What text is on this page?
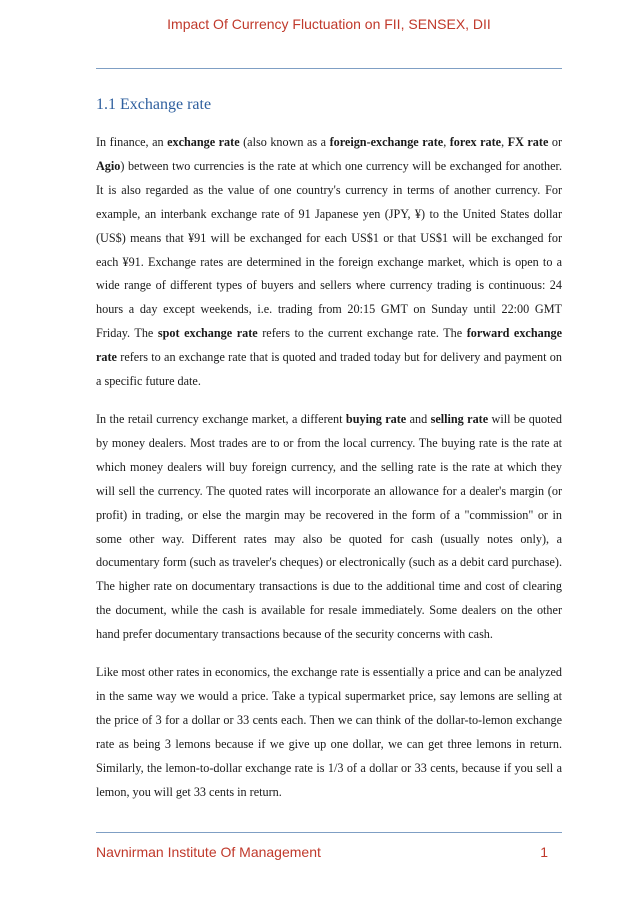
Impact Of Currency Fluctuation on FII, SENSEX, DII
1.1 Exchange rate

In finance, an exchange rate (also known as a foreign-exchange rate, forex rate, FX rate or Agio) between two currencies is the rate at which one currency will be exchanged for another. It is also regarded as the value of one country's currency in terms of another currency. For example, an interbank exchange rate of 91 Japanese yen (JPY, ¥) to the United States dollar (US$) means that ¥91 will be exchanged for each US$1 or that US$1 will be exchanged for each ¥91. Exchange rates are determined in the foreign exchange market, which is open to a wide range of different types of buyers and sellers where currency trading is continuous: 24 hours a day except weekends, i.e. trading from 20:15 GMT on Sunday until 22:00 GMT Friday. The spot exchange rate refers to the current exchange rate. The forward exchange rate refers to an exchange rate that is quoted and traded today but for delivery and payment on a specific future date.

In the retail currency exchange market, a different buying rate and selling rate will be quoted by money dealers. Most trades are to or from the local currency. The buying rate is the rate at which money dealers will buy foreign currency, and the selling rate is the rate at which they will sell the currency. The quoted rates will incorporate an allowance for a dealer's margin (or profit) in trading, or else the margin may be recovered in the form of a "commission" or in some other way. Different rates may also be quoted for cash (usually notes only), a documentary form (such as traveler's cheques) or electronically (such as a debit card purchase). The higher rate on documentary transactions is due to the additional time and cost of clearing the document, while the cash is available for resale immediately. Some dealers on the other hand prefer documentary transactions because of the security concerns with cash.

Like most other rates in economics, the exchange rate is essentially a price and can be analyzed in the same way we would a price. Take a typical supermarket price, say lemons are selling at the price of 3 for a dollar or 33 cents each. Then we can think of the dollar-to-lemon exchange rate as being 3 lemons because if we give up one dollar, we can get three lemons in return. Similarly, the lemon-to-dollar exchange rate is 1/3 of a dollar or 33 cents, because if you sell a lemon, you will get 33 cents in return.

Navnirman Institute Of Management	1
